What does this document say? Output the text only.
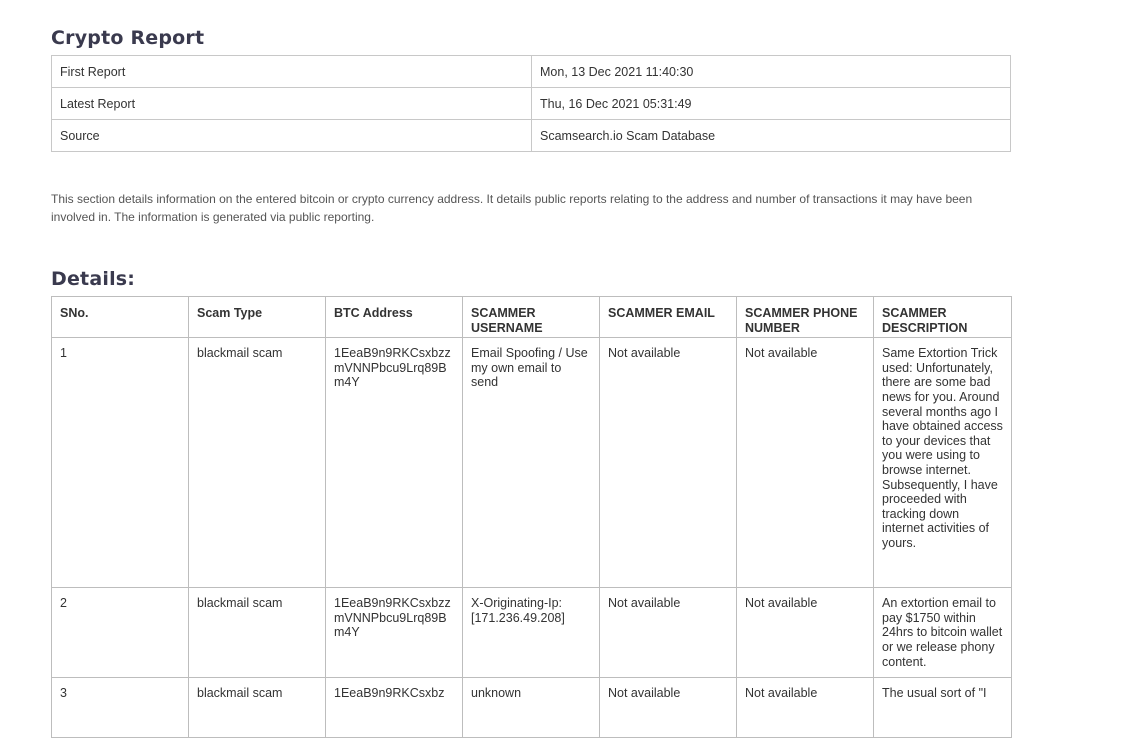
Crypto Report
First Report	Mon, 13 Dec 2021 11:40:30
Latest Report	Thu, 16 Dec 2021 05:31:49
Source	Scamsearch.io Scam Database

This section details information on the entered bitcoin or crypto currency address. It details public reports relating to the address and number of transactions it may have been involved in. The information is generated via public reporting.

Details:
SNo.	Scam Type	BTC Address	SCAMMER USERNAME	SCAMMER EMAIL	SCAMMER PHONE NUMBER	SCAMMER DESCRIPTION
1	blackmail scam	1EeaB9n9RKCsxbzzmVNNPbcu9Lrq89Bm4Y	Email Spoofing / Use my own email to send	Not available	Not available	Same Extortion Trick used: Unfortunately, there are some bad news for you. Around several months ago I have obtained access to your devices that you were using to browse internet. Subsequently, I have proceeded with tracking down internet activities of yours.
2	blackmail scam	1EeaB9n9RKCsxbzzmVNNPbcu9Lrq89Bm4Y	X-Originating-Ip: [171.236.49.208]	Not available	Not available	An extortion email to pay $1750 within 24hrs to bitcoin wallet or we release phony content.
3	blackmail scam	1EeaB9n9RKCsxbz	unknown	Not available	Not available	The usual sort of "I
